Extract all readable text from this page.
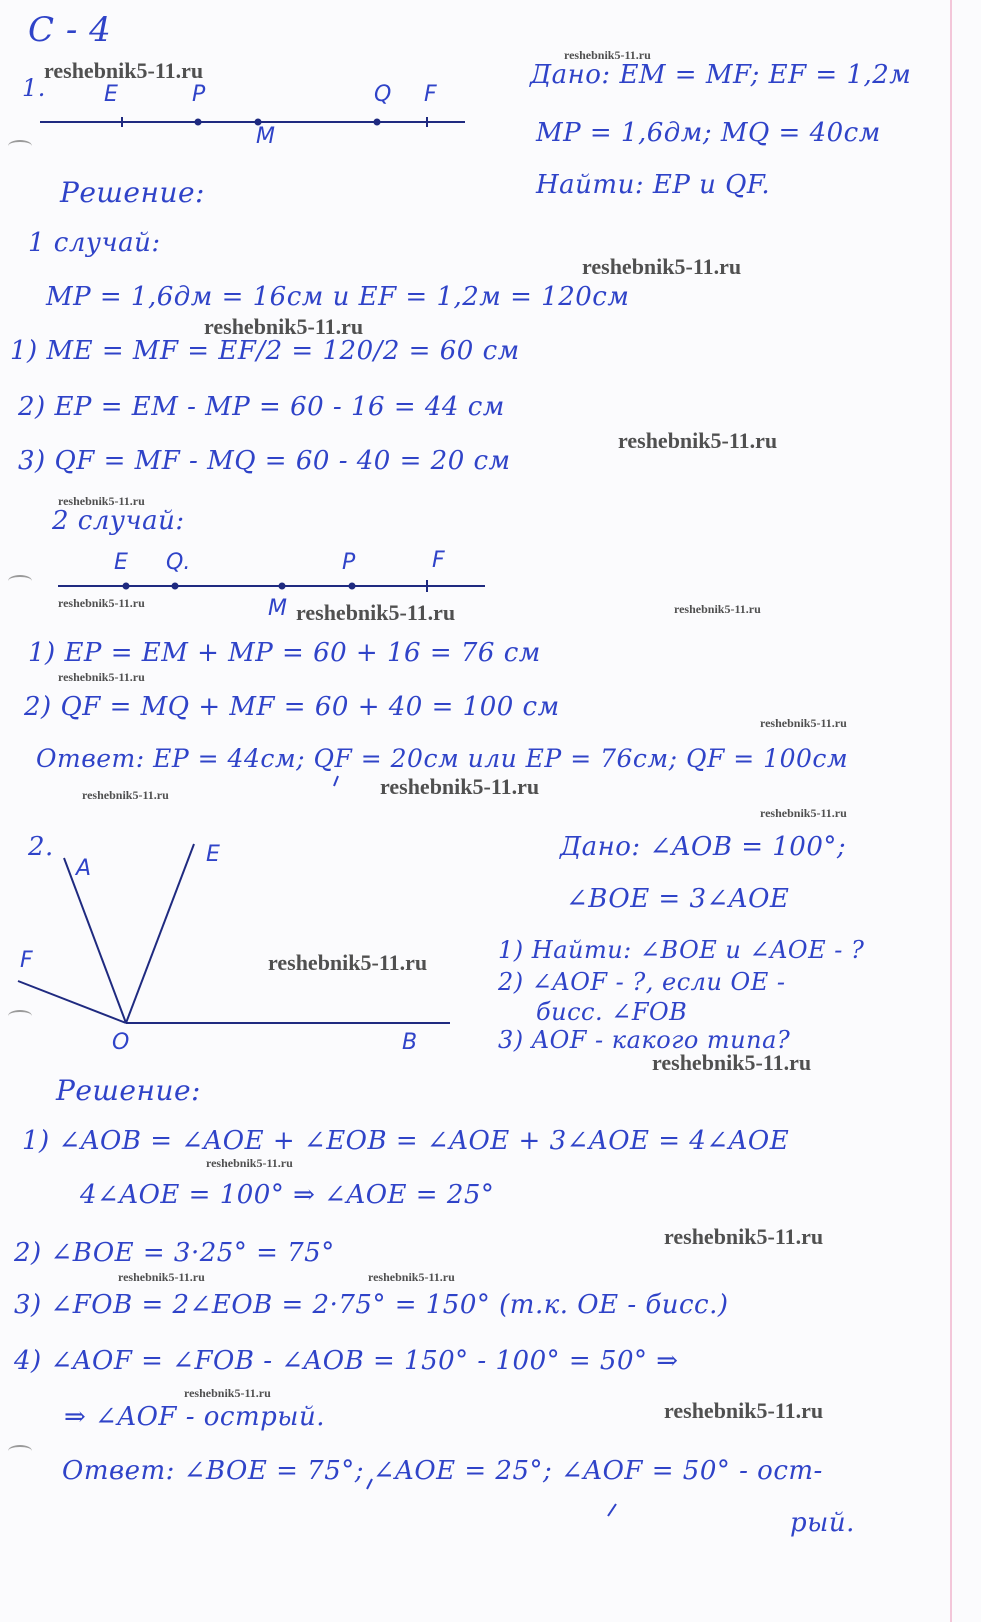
С - 4
1.	E	P	Q F
M
Дано: EM = MF; EF = 1,2м
MP = 1,6дм; MQ = 40см
Найти: EP и QF.
Решение:
1 случай:
MP = 1,6дм = 16см и EF = 1,2м = 120см
1) ME = MF = EF/2 = 120/2 = 60 см
2) EP = EM - MP = 60 - 16 = 44 см
3) QF = MF - MQ = 60 - 40 = 20 см
2 случай:
E Q.	P	F
M
1) EP = EM + MP = 60 + 16 = 76 см
2) QF = MQ + MF = 60 + 40 = 100 см
Ответ: EP = 44см; QF = 20см или EP = 76см; QF = 100см
2.
A
E
F
O	B
Дано: ∠AOB = 100°;
∠BOE = 3∠AOE
1) Найти: ∠BOE и ∠AOE - ?
2) ∠AOF - ?, если OE -
биcс. ∠FOB
3) AOF - какого типа?
Решение:
1) ∠AOB = ∠AOE + ∠EOB = ∠AOE + 3∠AOE = 4∠AOE
4∠AOE = 100° ⇒ ∠AOE = 25°
2) ∠BOE = 3·25° = 75°
3) ∠FOB = 2∠EOB = 2·75° = 150° (т.к. OE - биcс.)
4) ∠AOF = ∠FOB - ∠AOB = 150° - 100° = 50° ⇒
⇒ ∠AOF - острый.
Ответ: ∠BOE = 75°; ∠AOE = 25°; ∠AOF = 50° - ост-
рый.
reshebnik5-11.ru
reshebnik5-11.ru
reshebnik5-11.ru
reshebnik5-11.ru
reshebnik5-11.ru
reshebnik5-11.ru
reshebnik5-11.ru	reshebnik5-11.ru	reshebnik5-11.ru
reshebnik5-11.ru
reshebnik5-11.ru
reshebnik5-11.ru	reshebnik5-11.ru
reshebnik5-11.ru
reshebnik5-11.ru
reshebnik5-11.ru
reshebnik5-11.ru
reshebnik5-11.ru
reshebnik5-11.ru	reshebnik5-11.ru
reshebnik5-11.ru
reshebnik5-11.ru
